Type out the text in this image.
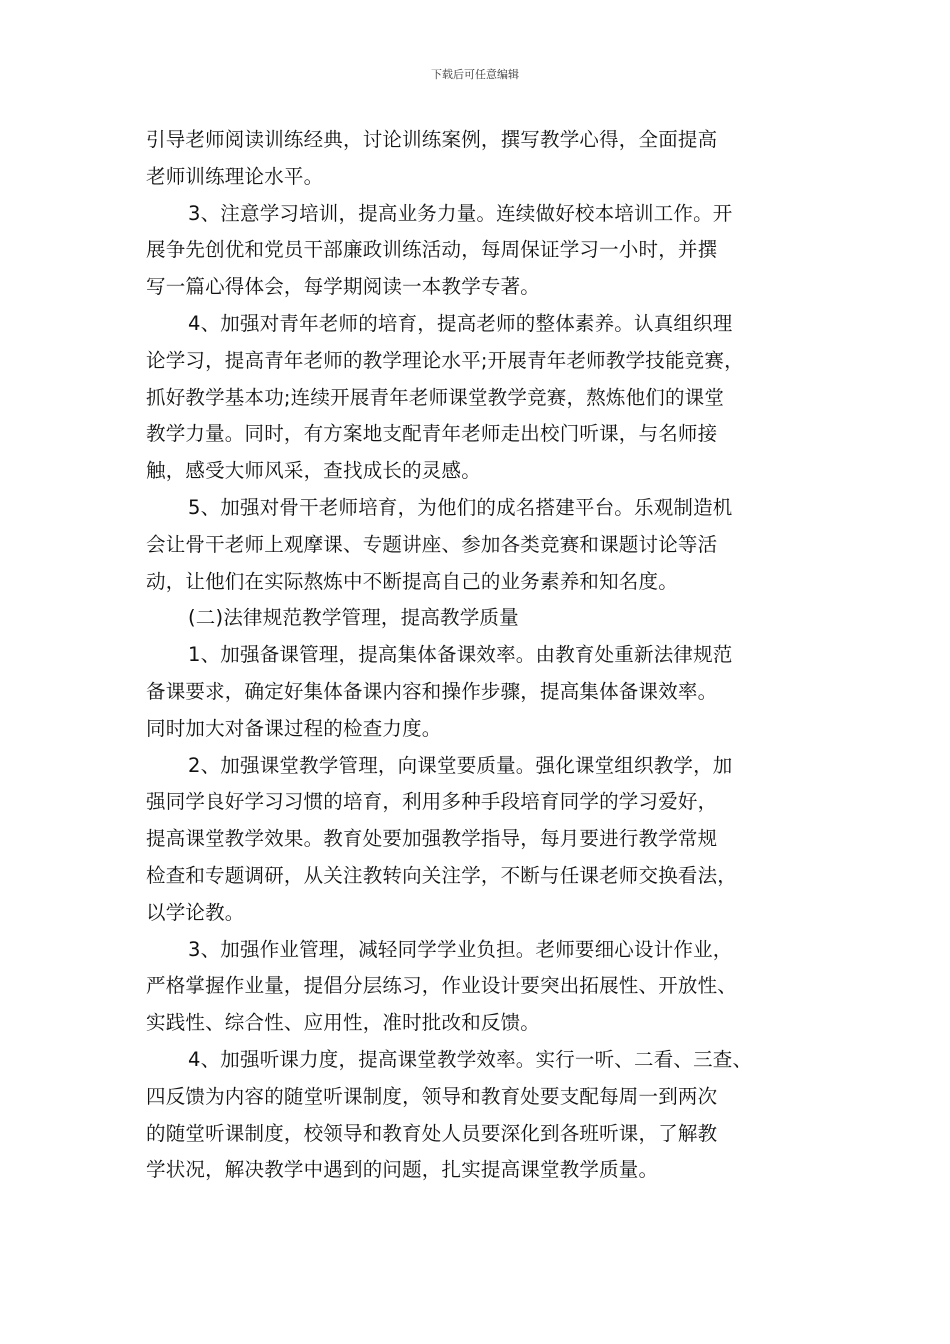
下载后可任意编辑
引导老师阅读训练经典，讨论训练案例，撰写教学心得，全面提高
老师训练理论水平。
3、注意学习培训，提高业务力量。连续做好校本培训工作。开
展争先创优和党员干部廉政训练活动，每周保证学习一小时，并撰
写一篇心得体会，每学期阅读一本教学专著。
4、加强对青年老师的培育，提高老师的整体素养。认真组织理
论学习，提高青年老师的教学理论水平;开展青年老师教学技能竞赛，
抓好教学基本功;连续开展青年老师课堂教学竞赛，熬炼他们的课堂
教学力量。同时，有方案地支配青年老师走出校门听课，与名师接
触，感受大师风采，查找成长的灵感。
5、加强对骨干老师培育，为他们的成名搭建平台。乐观制造机
会让骨干老师上观摩课、专题讲座、参加各类竞赛和课题讨论等活
动，让他们在实际熬炼中不断提高自己的业务素养和知名度。
(二)法律规范教学管理，提高教学质量
1、加强备课管理，提高集体备课效率。由教育处重新法律规范
备课要求，确定好集体备课内容和操作步骤，提高集体备课效率。
同时加大对备课过程的检查力度。
2、加强课堂教学管理，向课堂要质量。强化课堂组织教学，加
强同学良好学习习惯的培育，利用多种手段培育同学的学习爱好，
提高课堂教学效果。教育处要加强教学指导，每月要进行教学常规
检查和专题调研，从关注教转向关注学，不断与任课老师交换看法，
以学论教。
3、加强作业管理，减轻同学学业负担。老师要细心设计作业，
严格掌握作业量，提倡分层练习，作业设计要突出拓展性、开放性、
实践性、综合性、应用性，准时批改和反馈。
4、加强听课力度，提高课堂教学效率。实行一听、二看、三查、
四反馈为内容的随堂听课制度，领导和教育处要支配每周一到两次
的随堂听课制度，校领导和教育处人员要深化到各班听课，了解教
学状况，解决教学中遇到的问题，扎实提高课堂教学质量。
